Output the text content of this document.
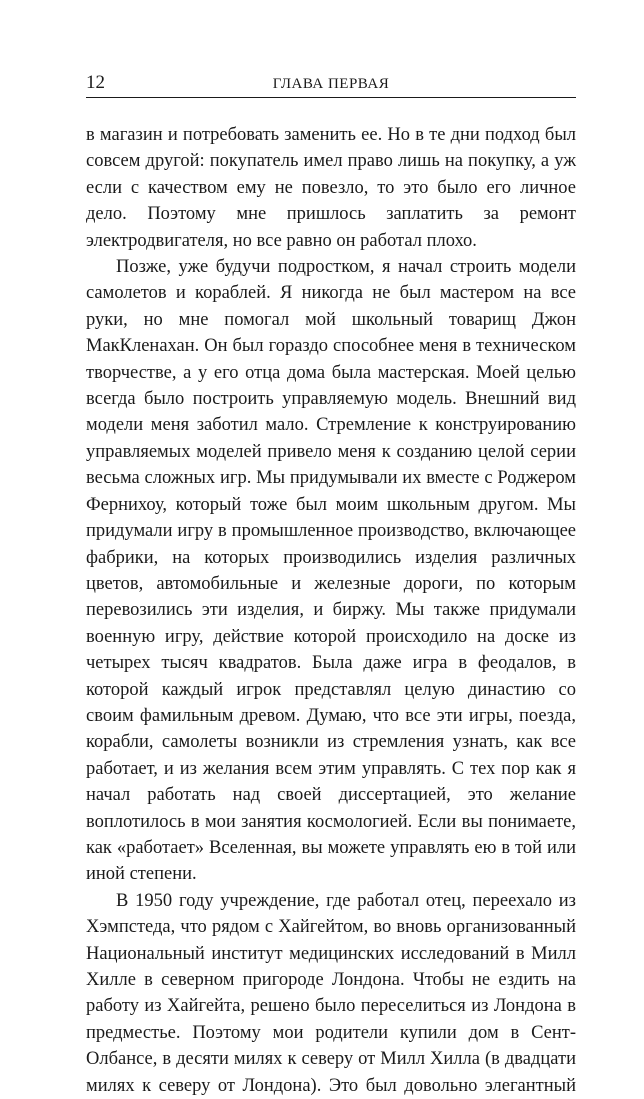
12	ГЛАВА ПЕРВАЯ

в магазин и потребовать заменить ее. Но в те дни подход был совсем другой: покупатель имел право лишь на покупку, а уж если с качеством ему не повезло, то это было его личное дело. Поэтому мне пришлось заплатить за ремонт электродвигателя, но все равно он работал плохо.

Позже, уже будучи подростком, я начал строить модели самолетов и кораблей. Я никогда не был мастером на все руки, но мне помогал мой школьный товарищ Джон МакКленахан. Он был гораздо способнее меня в техническом творчестве, а у его отца дома была мастерская. Моей целью всегда было построить управляемую модель. Внешний вид модели меня заботил мало. Стремление к конструированию управляемых моделей привело меня к созданию целой серии весьма сложных игр. Мы придумывали их вместе с Роджером Фернихоу, который тоже был моим школьным другом. Мы придумали игру в промышленное производство, включающее фабрики, на которых производились изделия различных цветов, автомобильные и железные дороги, по которым перевозились эти изделия, и биржу. Мы также придумали военную игру, действие которой происходило на доске из четырех тысяч квадратов. Была даже игра в феодалов, в которой каждый игрок представлял целую династию со своим фамильным древом. Думаю, что все эти игры, поезда, корабли, самолеты возникли из стремления узнать, как все работает, и из желания всем этим управлять. С тех пор как я начал работать над своей диссертацией, это желание воплотилось в мои занятия космологией. Если вы понимаете, как «работает» Вселенная, вы можете управлять ею в той или иной степени.

В 1950 году учреждение, где работал отец, переехало из Хэмпстеда, что рядом с Хайгейтом, во вновь организованный Национальный институт медицинских исследований в Милл Хилле в северном пригороде Лондона. Чтобы не ездить на работу из Хайгейта, решено было переселиться из Лондона в предместье. Поэтому мои родители купили дом в Сент-Олбансе, в десяти милях к северу от Милл Хилла (в двадцати милях к северу от Лондона). Это был довольно элегантный
